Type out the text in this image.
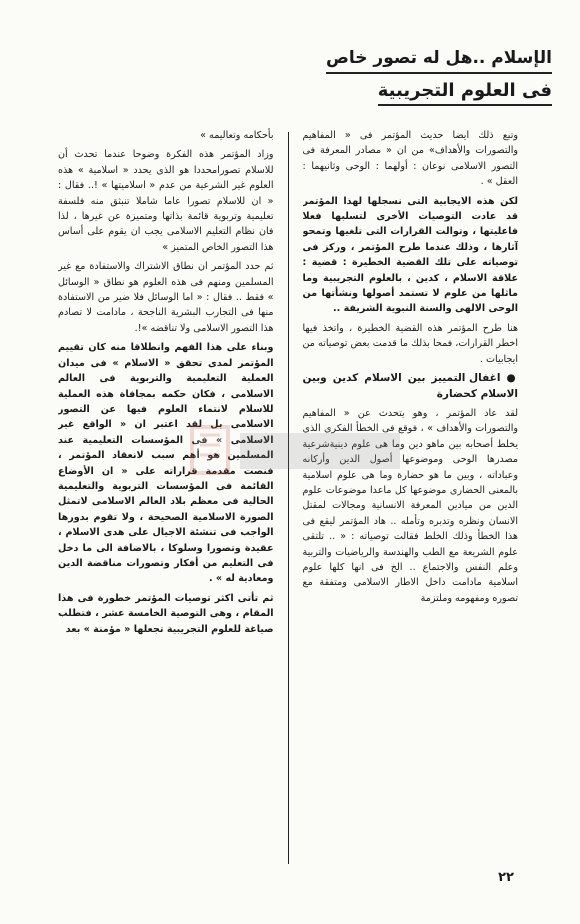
الإسلام ..هل له تصور خاص
فى العلوم التجريبية

وتبع ذلك ايضا حديث المؤتمر فى « المفاهيم والتصورات والأهداف» من ان « مصادر المعرفة فى التصور الاسلامى نوعان : أولهما : الوحى وثانيهما : العقل » .

لكن هذه الايجابية التى نسجلها لهذا المؤتمر قد عادت التوصيات الأخرى لتسلبها فعلا فاعليتها ، وتوالت القرارات التى تلغيها وتمحو آثارها ، وذلك عندما طرح المؤتمر ، وركز فى توصياته على تلك القضية الخطيرة : قضية : علاقة الاسلام ، كدين ، بالعلوم التجريبية وما ماثلها من علوم لا تستمد أصولها ونشأتها من الوحى الالهى والسنة النبوية الشريفة ..

هنا طرح المؤتمر هذه القضية الخطيرة ، واتخذ فيها اخطر القرارات، فمحا بذلك ما قدمت بعض توصياته من ايجابيات .

● اغفال التمييز بين الاسلام كدين وبين الاسلام كحضارة

لقد عاد المؤتمر ، وهو يتحدث عن « المفاهيم والتصورات والأهداف » ، فوقع فى الخطأ الفكرى الذى يخلط أصحابه بين ماهو دين وما هى علوم دينيةشرعية مصدرها الوحى وموضوعها أصول الدين وأركانه وعباداته ، وبين ما هو حضارة وما هى علوم اسلامية بالمعنى الحضارى موضوعها كل ماعدا موضوعات علوم الدين من ميادين المعرفة الانسانية ومجالات لمقتل الانسان ونظره وتدبره وتأمله .. هاد المؤتمر ليقع فى هذا الخطأ وذلك الخلط فقالت توصياته : « .. تلتقى علوم الشريعة مع الطب والهندسة والرياضيات والتربية وعلم النفس والاجتماع .. الخ فى انها كلها علوم اسلامية مادامت داخل الاطار الاسلامى ومتفقة مع تصوره ومفهومه وملتزمة

بأحكامه وتعاليمه »

وزاد المؤتمر هذه الفكرة وضوحا عندما تحدث أن للاسلام تصورامحددا هو الذى يحدد « اسلامية » هذه العلوم غير الشرعية من عدم « اسلاميتها » !.. فقال : « ان للاسلام تصورا عاما شاملا تنبثق منه فلسفة تعليمية وتربوية قائمة بذاتها ومتميزة عن غيرها ، لذا فان نظام التعليم الاسلامى يجب ان يقوم على أساس هذا التصور الخاص المتميز »

ثم حدد المؤتمر ان نطاق الاشتراك والاستفادة مع غير المسلمين ومنهم فى هذه العلوم هو نطاق « الوسائل » فقط .. فقال : « اما الوسائل فلا ضير من الاستفادة منها فى التجارب البشرية الناجحة ، مادامت لا تصادم هذا التصور الاسلامى ولا تناقضه »!.

وبناء على هذا الفهم وانطلاقا منه كان تقييم المؤتمر لمدى تحقق « الاسلام » فى ميدان العملية التعليمية والتربوية فى العالم الاسلامى ، فكان حكمه بمجافاة هذه العملية للاسلام لانتماء العلوم فيها عن التصور الاسلامى بل لقد اعتبر ان « الواقع غير الاسلامى » فى المؤسسات التعليمية عند المسلمين هو أهم سبب لانعقاد المؤتمر ، فنصت مقدمة قراراته على « ان الأوضاع القائمة فى المؤسسات التربوية والتعليمية الحالية فى معظم بلاد العالم الاسلامى لاتمثل الصورة الاسلامية الصحيحة ، ولا تقوم بدورها الواجب فى تنشئة الاجيال على هدى الاسلام ، عقيدة وتصورا وسلوكا ، بالاضافة الى ما دخل فى التعليم من أفكار وتصورات مناقضة الدين ومعادية له » .

ثم تأتى اكثر توصيات المؤتمر خطورة فى هذا المقام ، وهى التوصية الخامسة عشر ، فتطلب صياغة للعلوم التجريبية تجعلها « مؤمنة » بعد

٢٢
